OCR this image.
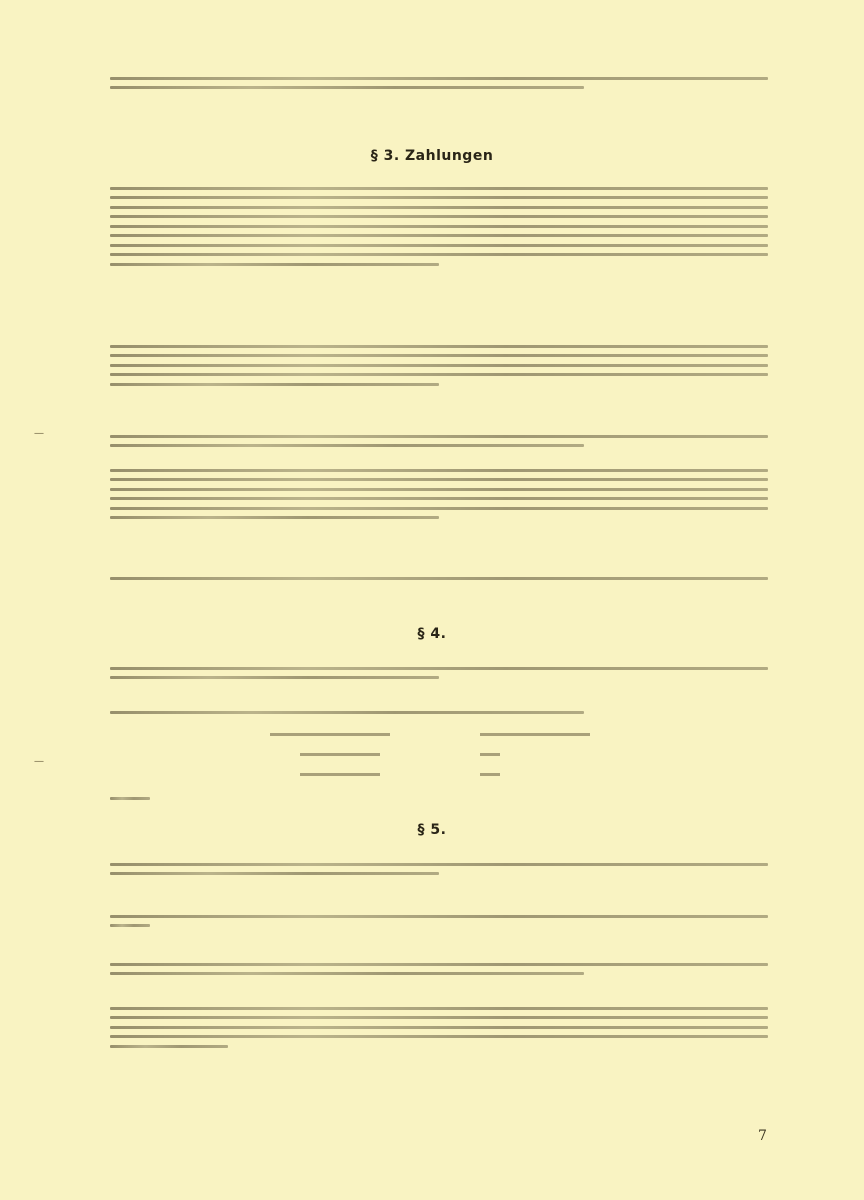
§ 3. Zahlungen
—
§ 4.
—
§ 5.
7
